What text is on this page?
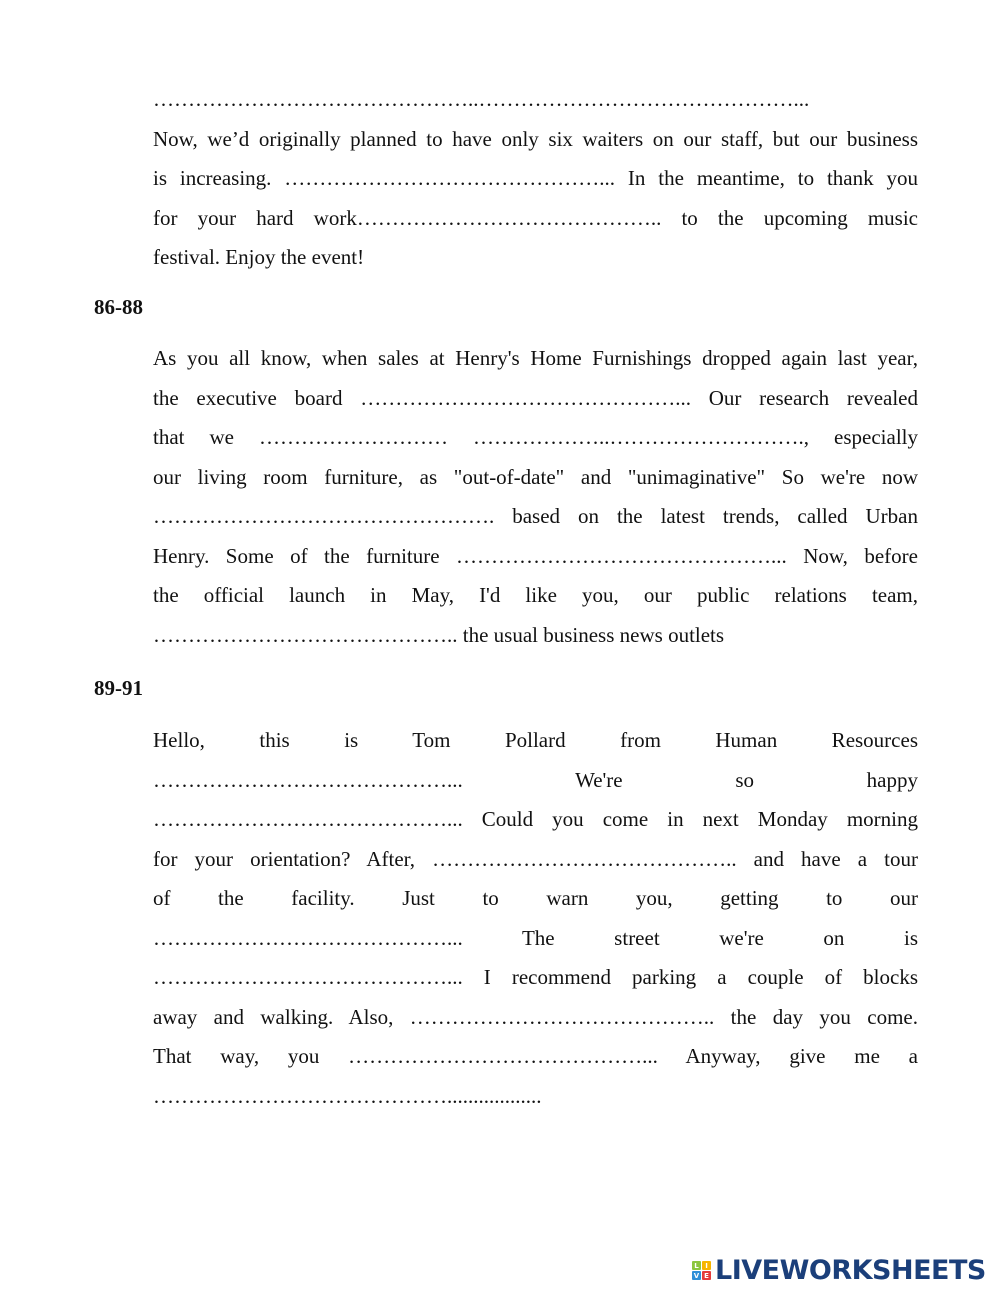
………………………………………..………………………………………...
Now, we’d originally planned to have only six waiters on our staff, but our business
is increasing. ………………………………………... In the meantime, to thank you
for your hard work…………………………………….. to the upcoming music
festival. Enjoy the event!
86-88
As you all know, when sales at Henry's Home Furnishings dropped again last year,
the executive board ………………………………………... Our research revealed
that we ……………………… ………………..………………………., especially
our living room furniture, as "out-of-date" and "unimaginative" So we're now
…………………………………………. based on the latest trends, called Urban
Henry. Some of the furniture ………………………………………... Now, before
the official launch in May, I'd like you, our public relations team,
…………………………………….. the usual business news outlets
89-91
Hello, this is Tom Pollard from Human Resources
……………………………………... We're so happy
……………………………………... Could you come in next Monday morning
for your orientation? After, …………………………………….. and have a tour
of the facility. Just to warn you, getting to our
……………………………………... The street we're on is
……………………………………... I recommend parking a couple of blocks
away and walking. Also, …………………………………….. the day you come.
That way, you ……………………………………... Anyway, give me a
……………………………………..................
L I
V E LIVEWORKSHEETS
